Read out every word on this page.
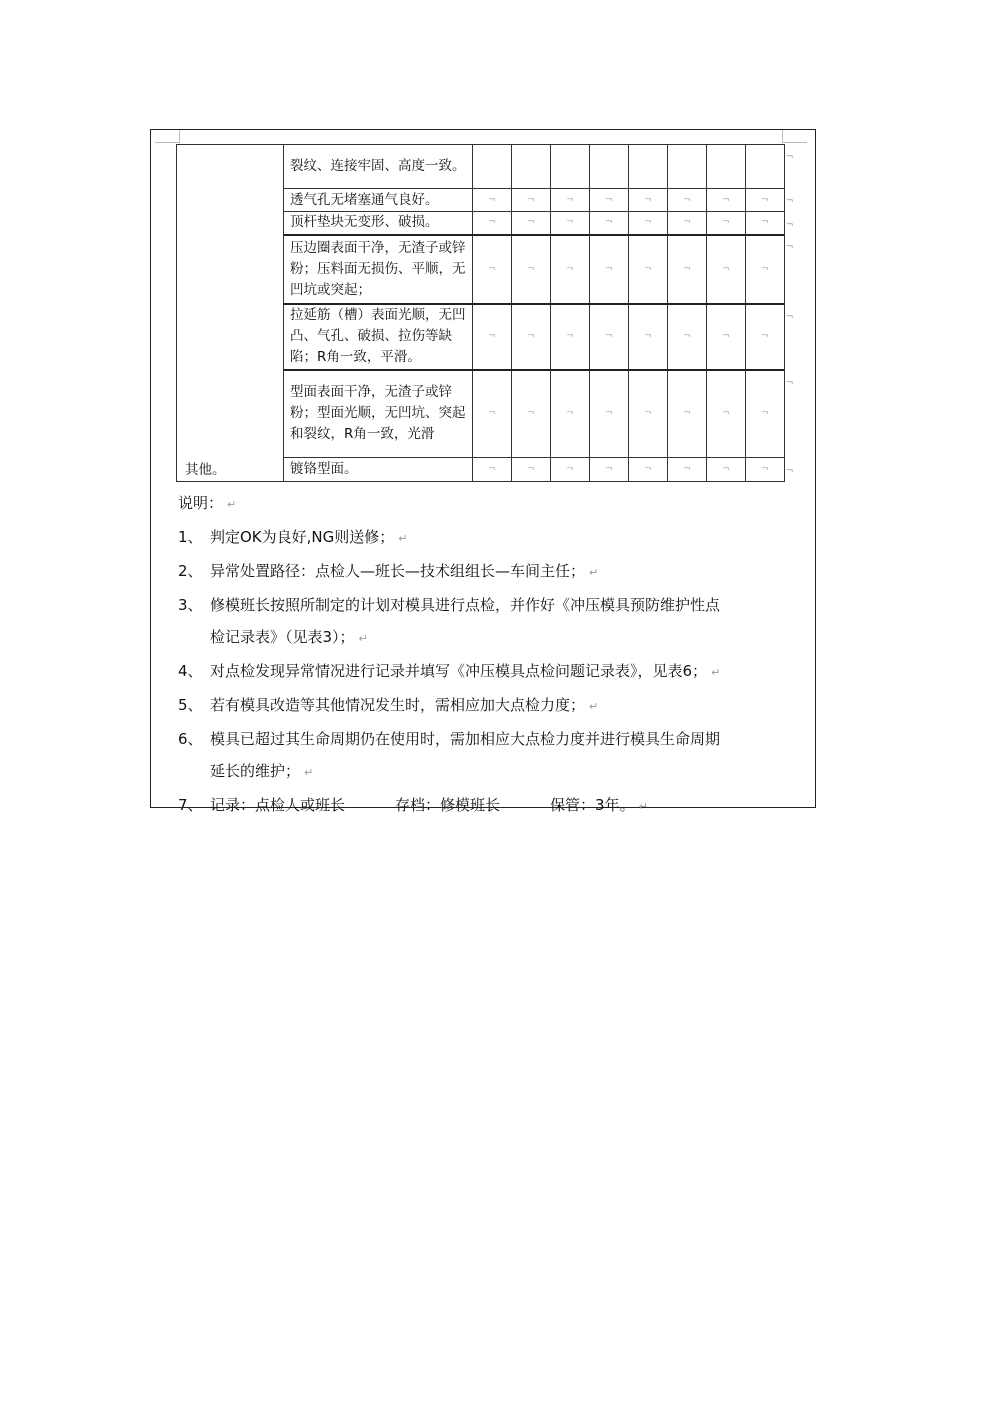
	裂纹、连接牢固、高度一致。								
	透气孔无堵塞通气良好。	¬	¬	¬	¬	¬	¬	¬	¬
	顶杆垫块无变形、破损。	¬	¬	¬	¬	¬	¬	¬	¬
	压边圈表面干净，无渣子或锌粉；压料面无损伤、平顺，无凹坑或突起；	¬	¬	¬	¬	¬	¬	¬	¬
	拉延筋（槽）表面光顺，无凹凸、气孔、破损、拉伤等缺陷；R角一致，平滑。	¬	¬	¬	¬	¬	¬	¬	¬
	型面表面干净，无渣子或锌粉；型面光顺，无凹坑、突起和裂纹，R角一致，光滑	¬	¬	¬	¬	¬	¬	¬	¬
其他。	镀铬型面。	¬	¬	¬	¬	¬	¬	¬	¬
¬
¬
¬
¬
¬
¬
¬
说明： ↵
1、 判定OK为良好,NG则送修； ↵
2、 异常处置路径：点检人—班长—技术组组长—车间主任； ↵
3、 修模班长按照所制定的计划对模具进行点检，并作好《冲压模具预防维护性点
检记录表》（见表3）； ↵
4、 对点检发现异常情况进行记录并填写《冲压模具点检问题记录表》，见表6； ↵
5、 若有模具改造等其他情况发生时，需相应加大点检力度； ↵
6、 模具已超过其生命周期仍在使用时，需加相应大点检力度并进行模具生命周期
延长的维护； ↵
7、 记录：点检人或班长	存档：修模班长	保管：3年。 ↵
